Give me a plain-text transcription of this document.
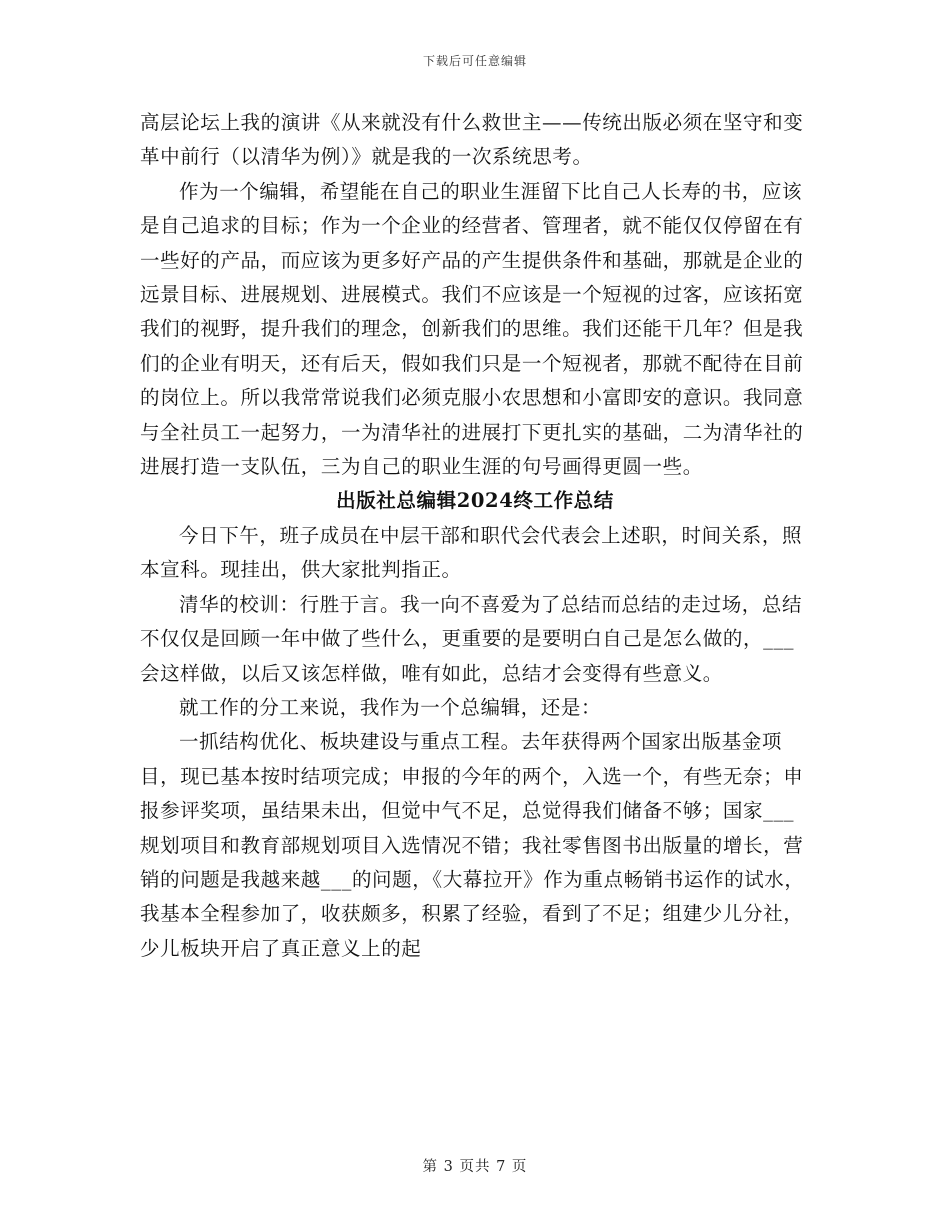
下载后可任意编辑

高层论坛上我的演讲《从来就没有什么救世主——传统出版必须在坚守和变革中前行（以清华为例）》就是我的一次系统思考。

作为一个编辑，希望能在自己的职业生涯留下比自己人长寿的书，应该是自己追求的目标；作为一个企业的经营者、管理者，就不能仅仅停留在有一些好的产品，而应该为更多好产品的产生提供条件和基础，那就是企业的远景目标、进展规划、进展模式。我们不应该是一个短视的过客，应该拓宽我们的视野，提升我们的理念，创新我们的思维。我们还能干几年？但是我们的企业有明天，还有后天，假如我们只是一个短视者，那就不配待在目前的岗位上。所以我常常说我们必须克服小农思想和小富即安的意识。我同意与全社员工一起努力，一为清华社的进展打下更扎实的基础，二为清华社的进展打造一支队伍，三为自己的职业生涯的句号画得更圆一些。

出版社总编辑2024终工作总结

今日下午，班子成员在中层干部和职代会代表会上述职，时间关系，照本宣科。现挂出，供大家批判指正。

清华的校训：行胜于言。我一向不喜爱为了总结而总结的走过场，总结不仅仅是回顾一年中做了些什么，更重要的是要明白自己是怎么做的，___会这样做，以后又该怎样做，唯有如此，总结才会变得有些意义。

就工作的分工来说，我作为一个总编辑，还是：

一抓结构优化、板块建设与重点工程。去年获得两个国家出版基金项目，现已基本按时结项完成；申报的今年的两个，入选一个，有些无奈；申报参评奖项，虽结果未出，但觉中气不足，总觉得我们储备不够；国家___规划项目和教育部规划项目入选情况不错；我社零售图书出版量的增长，营销的问题是我越来越___的问题，《大幕拉开》作为重点畅销书运作的试水，我基本全程参加了，收获颇多，积累了经验，看到了不足；组建少儿分社，少儿板块开启了真正意义上的起

第 3 页共 7 页
